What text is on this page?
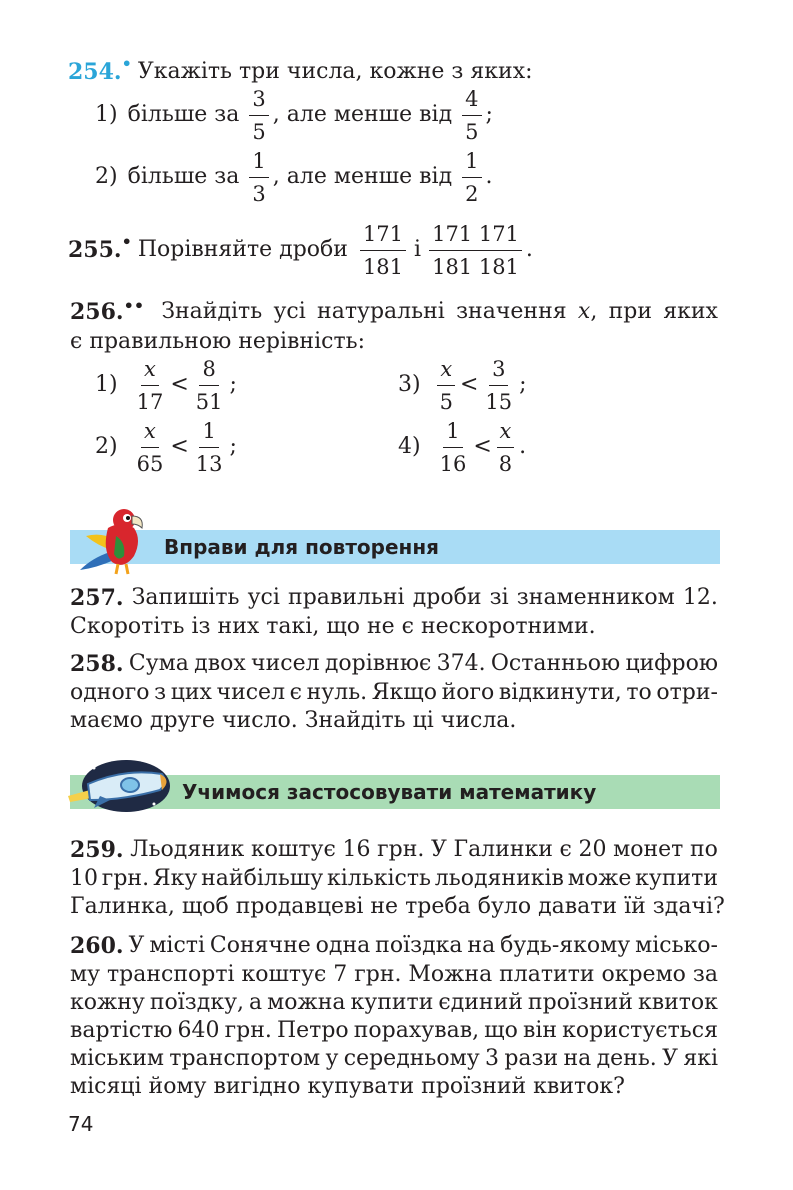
254. • Укажіть три числа, кожне з яких:
1) більше за $\frac{3}{5}$ , але менше від $\frac{4}{5}$ ;
2) більше за $\frac{1}{3}$ , але менше від $\frac{1}{2}$ .
255. • Порівняйте дроби $\frac{171}{181}$ і $\frac{171 171}{181 181}$ .
256.•• Знайдіть усі натуральні значення x, при яких
є правильною нерівність:
$1) \frac{x}{17} < \frac{8}{51}$ ;
$2) \frac{x}{65} < \frac{1}{13}$ ;
$3) \frac{x}{5} < \frac{3}{15}$ ;
$4) \frac{1}{16} < \frac{x}{8}$ .
Вправи для повторення
257. Запишіть усі правильні дроби зі знаменником 12.
Скоротіть із них такі, що не є нескоротними.
258. Сума двох чисел дорівнює 374. Останньою цифрою
одного з цих чисел є нуль. Якщо його відкинути, то отри-
маємо друге число. Знайдіть ці числа.
Учимося застосовувати математику
259. Льодяник коштує 16 грн. У Галинки є 20 монет по
10 грн. Яку найбільшу кількість льодяників може купити
Галинка, щоб продавцеві не треба було давати їй здачі?
260. У місті Сонячне одна поїздка на будь-якому місько-
му транспорті коштує 7 грн. Можна платити окремо за
кожну поїздку, а можна купити єдиний проїзний квиток
вартістю 640 грн. Петро порахував, що він користується
міським транспортом у середньому 3 рази на день. У які
місяці йому вигідно купувати проїзний квиток?
74
